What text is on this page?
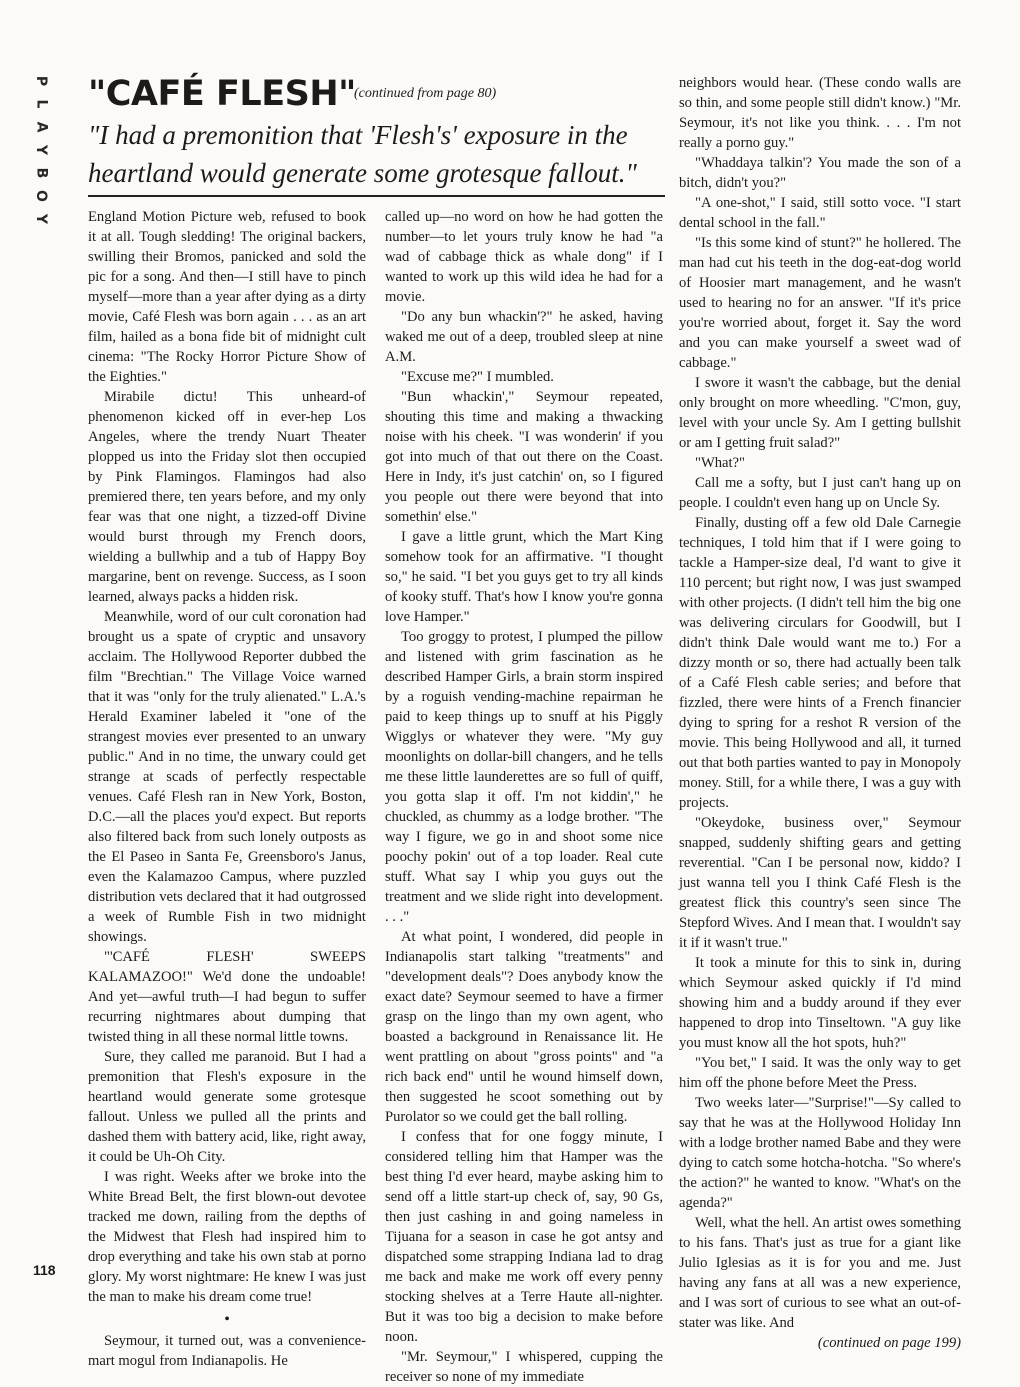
P
L
A
Y
B
O
Y
"CAFÉ FLESH"
(continued from page 80)
"I had a premonition that 'Flesh's' exposure in the heartland would generate some grotesque fallout."

England Motion Picture web, refused to book it at all. Tough sledding! The original backers, swilling their Bromos, panicked and sold the pic for a song. And then—I still have to pinch myself—more than a year after dying as a dirty movie, Café Flesh was born again . . . as an art film, hailed as a bona fide bit of midnight cult cinema: "The Rocky Horror Picture Show of the Eighties."

Mirabile dictu! This unheard-of phenomenon kicked off in ever-hep Los Angeles, where the trendy Nuart Theater plopped us into the Friday slot then occupied by Pink Flamingos. Flamingos had also premiered there, ten years before, and my only fear was that one night, a tizzed-off Divine would burst through my French doors, wielding a bullwhip and a tub of Happy Boy margarine, bent on revenge. Success, as I soon learned, always packs a hidden risk.

Meanwhile, word of our cult coronation had brought us a spate of cryptic and unsavory acclaim. The Hollywood Reporter dubbed the film "Brechtian." The Village Voice warned that it was "only for the truly alienated." L.A.'s Herald Examiner labeled it "one of the strangest movies ever presented to an unwary public." And in no time, the unwary could get strange at scads of perfectly respectable venues. Café Flesh ran in New York, Boston, D.C.—all the places you'd expect. But reports also filtered back from such lonely outposts as the El Paseo in Santa Fe, Greensboro's Janus, even the Kalamazoo Campus, where puzzled distribution vets declared that it had outgrossed a week of Rumble Fish in two midnight showings.

"'CAFÉ FLESH' SWEEPS KALAMAZOO!" We'd done the undoable! And yet—awful truth—I had begun to suffer recurring nightmares about dumping that twisted thing in all these normal little towns.

Sure, they called me paranoid. But I had a premonition that Flesh's exposure in the heartland would generate some grotesque fallout. Unless we pulled all the prints and dashed them with battery acid, like, right away, it could be Uh-Oh City.

I was right. Weeks after we broke into the White Bread Belt, the first blown-out devotee tracked me down, railing from the depths of the Midwest that Flesh had inspired him to drop everything and take his own stab at porno glory. My worst nightmare: He knew I was just the man to make his dream come true!

•

Seymour, it turned out, was a convenience-mart mogul from Indianapolis. He

called up—no word on how he had gotten the number—to let yours truly know he had "a wad of cabbage thick as whale dong" if I wanted to work up this wild idea he had for a movie.

"Do any bun whackin'?" he asked, having waked me out of a deep, troubled sleep at nine A.M.

"Excuse me?" I mumbled.

"Bun whackin'," Seymour repeated, shouting this time and making a thwacking noise with his cheek. "I was wonderin' if you got into much of that out there on the Coast. Here in Indy, it's just catchin' on, so I figured you people out there were beyond that into somethin' else."

I gave a little grunt, which the Mart King somehow took for an affirmative. "I thought so," he said. "I bet you guys get to try all kinds of kooky stuff. That's how I know you're gonna love Hamper."

Too groggy to protest, I plumped the pillow and listened with grim fascination as he described Hamper Girls, a brain storm inspired by a roguish vending-machine repairman he paid to keep things up to snuff at his Piggly Wigglys or whatever they were. "My guy moonlights on dollar-bill changers, and he tells me these little launderettes are so full of quiff, you gotta slap it off. I'm not kiddin'," he chuckled, as chummy as a lodge brother. "The way I figure, we go in and shoot some nice poochy pokin' out of a top loader. Real cute stuff. What say I whip you guys out the treatment and we slide right into development. . . ."

At what point, I wondered, did people in Indianapolis start talking "treatments" and "development deals"? Does anybody know the exact date? Seymour seemed to have a firmer grasp on the lingo than my own agent, who boasted a background in Renaissance lit. He went prattling on about "gross points" and "a rich back end" until he wound himself down, then suggested he scoot something out by Purolator so we could get the ball rolling.

I confess that for one foggy minute, I considered telling him that Hamper was the best thing I'd ever heard, maybe asking him to send off a little start-up check of, say, 90 Gs, then just cashing in and going nameless in Tijuana for a season in case he got antsy and dispatched some strapping Indiana lad to drag me back and make me work off every penny stocking shelves at a Terre Haute all-nighter. But it was too big a decision to make before noon.

"Mr. Seymour," I whispered, cupping the receiver so none of my immediate

neighbors would hear. (These condo walls are so thin, and some people still didn't know.) "Mr. Seymour, it's not like you think. . . . I'm not really a porno guy."

"Whaddaya talkin'? You made the son of a bitch, didn't you?"

"A one-shot," I said, still sotto voce. "I start dental school in the fall."

"Is this some kind of stunt?" he hollered. The man had cut his teeth in the dog-eat-dog world of Hoosier mart management, and he wasn't used to hearing no for an answer. "If it's price you're worried about, forget it. Say the word and you can make yourself a sweet wad of cabbage."

I swore it wasn't the cabbage, but the denial only brought on more wheedling. "C'mon, guy, level with your uncle Sy. Am I getting bullshit or am I getting fruit salad?"

"What?"

Call me a softy, but I just can't hang up on people. I couldn't even hang up on Uncle Sy.

Finally, dusting off a few old Dale Carnegie techniques, I told him that if I were going to tackle a Hamper-size deal, I'd want to give it 110 percent; but right now, I was just swamped with other projects. (I didn't tell him the big one was delivering circulars for Goodwill, but I didn't think Dale would want me to.) For a dizzy month or so, there had actually been talk of a Café Flesh cable series; and before that fizzled, there were hints of a French financier dying to spring for a reshot R version of the movie. This being Hollywood and all, it turned out that both parties wanted to pay in Monopoly money. Still, for a while there, I was a guy with projects.

"Okeydoke, business over," Seymour snapped, suddenly shifting gears and getting reverential. "Can I be personal now, kiddo? I just wanna tell you I think Café Flesh is the greatest flick this country's seen since The Stepford Wives. And I mean that. I wouldn't say it if it wasn't true."

It took a minute for this to sink in, during which Seymour asked quickly if I'd mind showing him and a buddy around if they ever happened to drop into Tinseltown. "A guy like you must know all the hot spots, huh?"

"You bet," I said. It was the only way to get him off the phone before Meet the Press.

Two weeks later—"Surprise!"—Sy called to say that he was at the Hollywood Holiday Inn with a lodge brother named Babe and they were dying to catch some hotcha-hotcha. "So where's the action?" he wanted to know. "What's on the agenda?"

Well, what the hell. An artist owes something to his fans. That's just as true for a giant like Julio Iglesias as it is for you and me. Just having any fans at all was a new experience, and I was sort of curious to see what an out-of-stater was like. And

(continued on page 199)

118
